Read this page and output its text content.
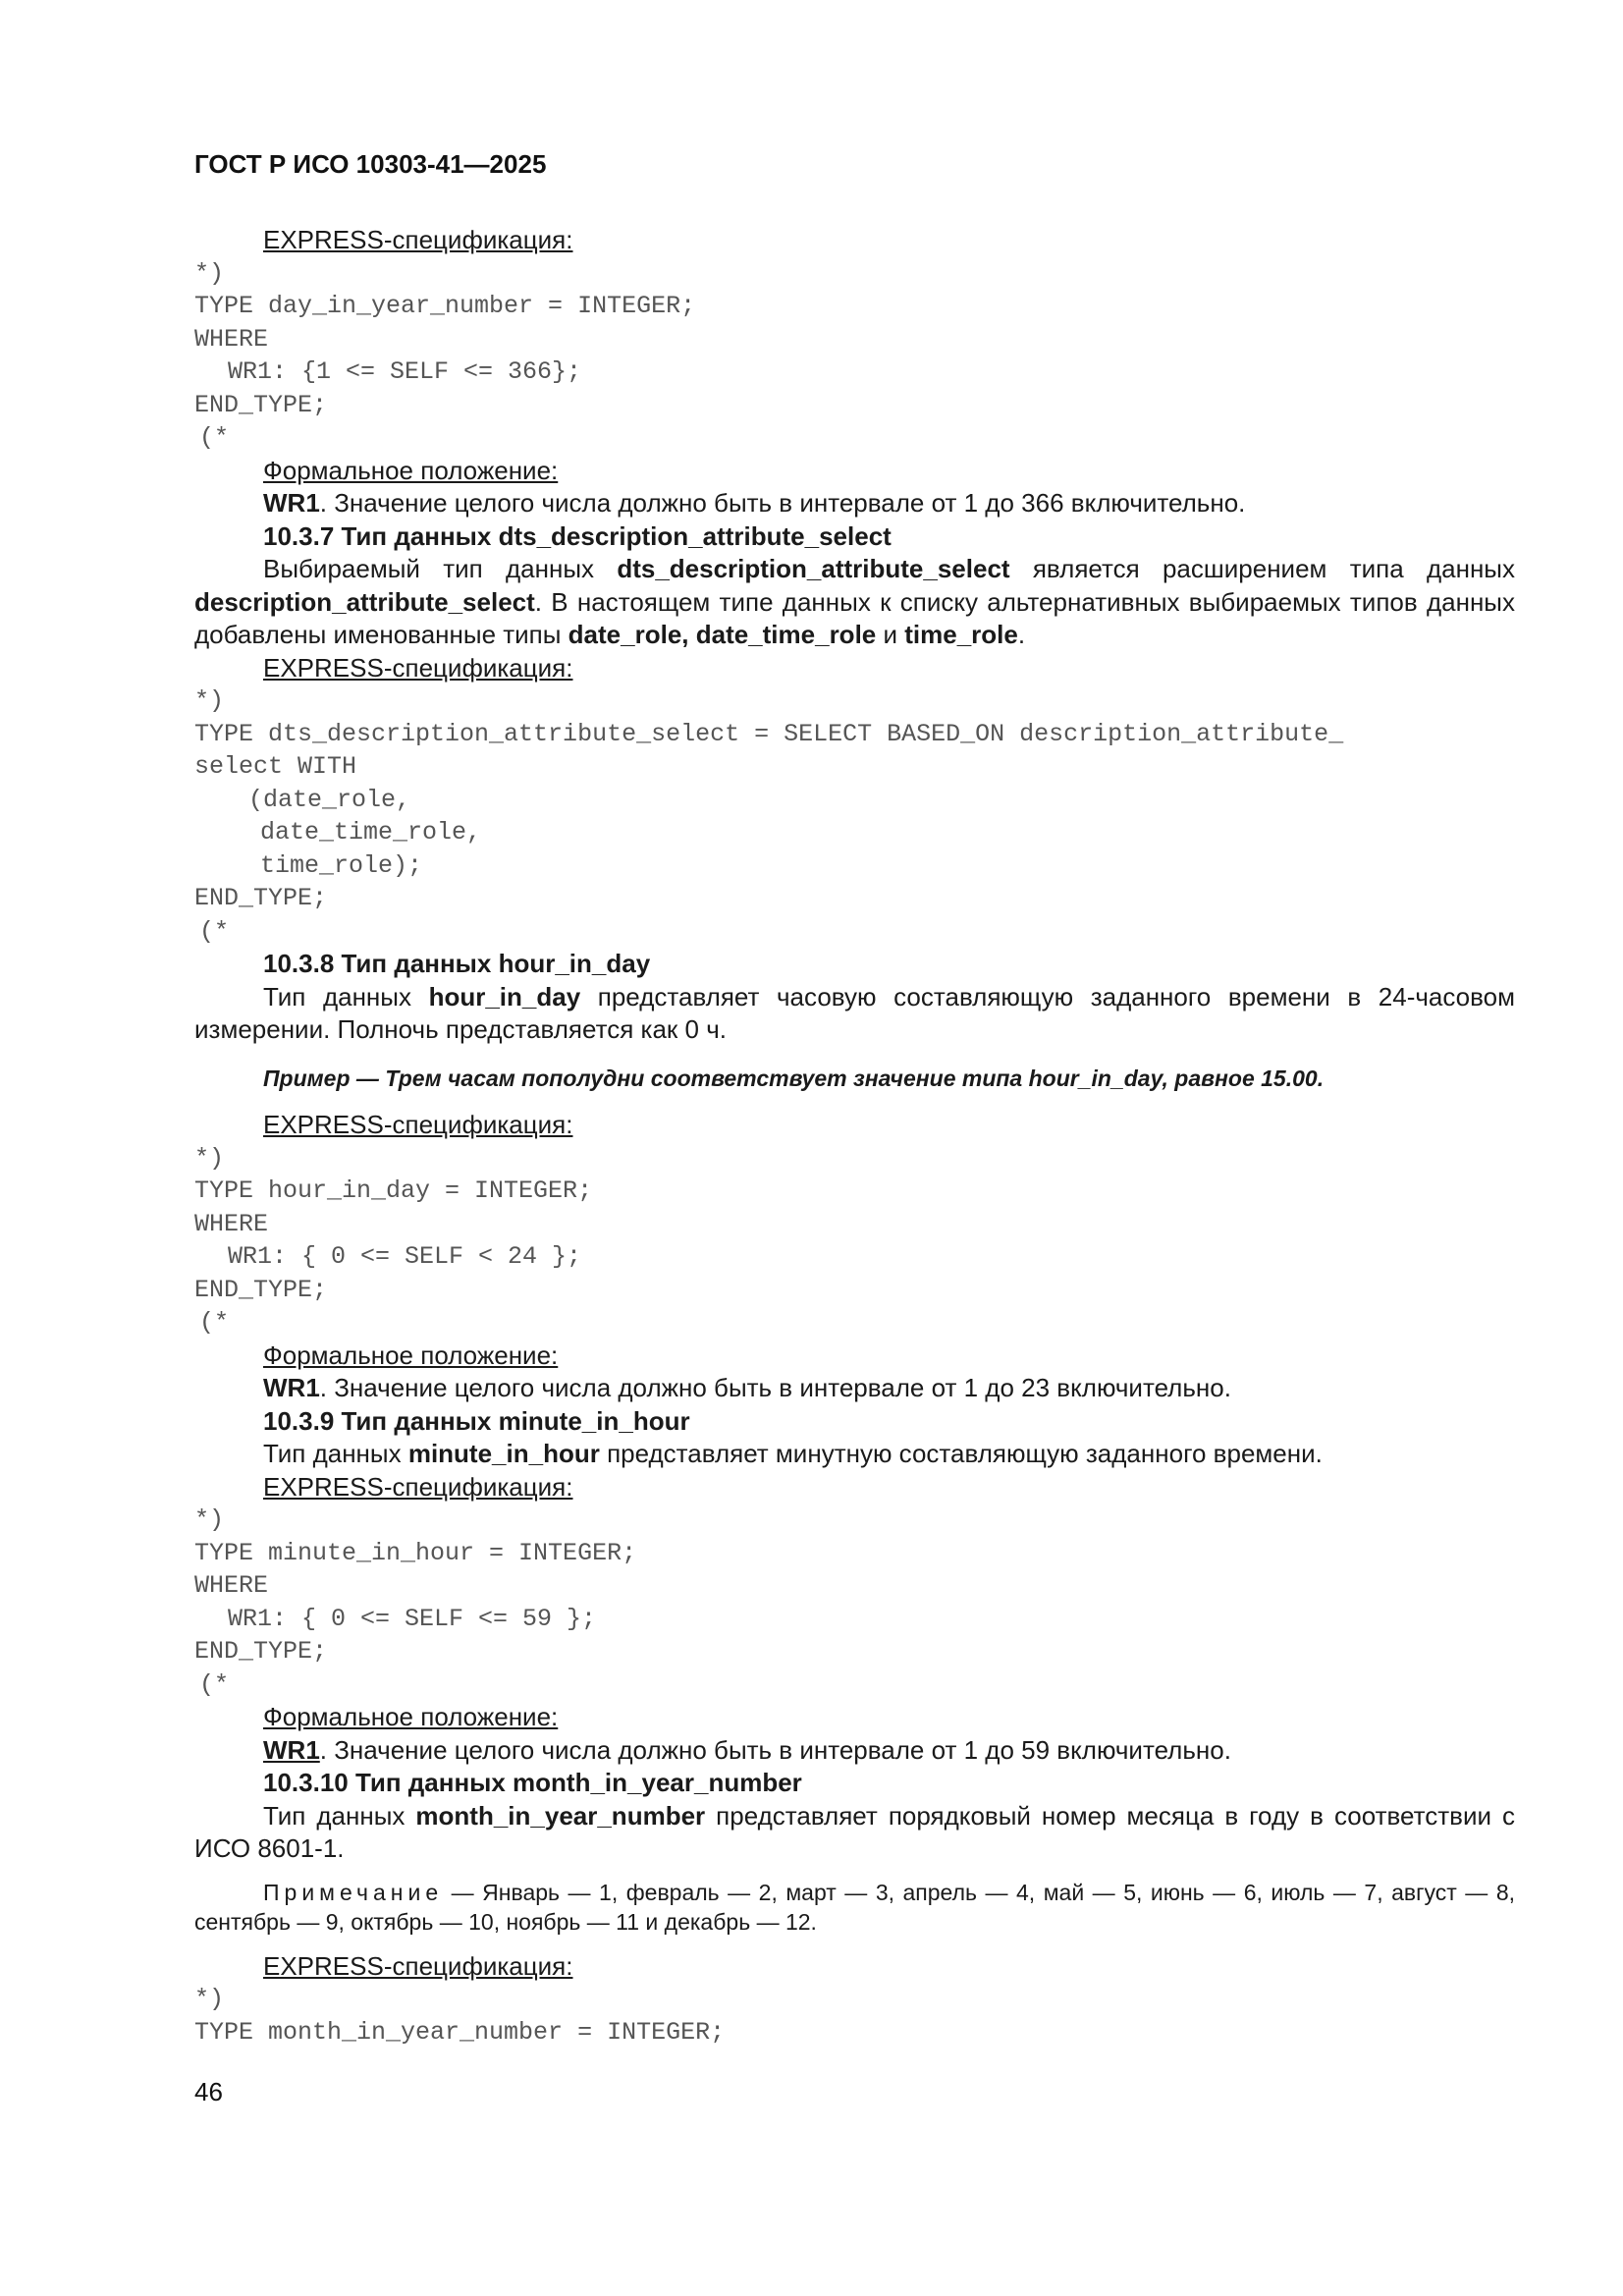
ГОСТ Р ИСО 10303-41—2025

EXPRESS-спецификация:

*)

TYPE day_in_year_number = INTEGER;

WHERE

WR1: {1 <= SELF <= 366};

END_TYPE;

(*

Формальное положение:

WR1. Значение целого числа должно быть в интервале от 1 до 366 включительно.

10.3.7 Тип данных dts_description_attribute_select

Выбираемый тип данных dts_description_attribute_select является расширением типа данных description_attribute_select. В настоящем типе данных к списку альтернативных выбираемых типов данных добавлены именованные типы date_role, date_time_role и time_role.

EXPRESS-спецификация:

*)

TYPE dts_description_attribute_select = SELECT BASED_ON description_attribute_

select WITH

(date_role,

date_time_role,

time_role);

END_TYPE;

(*

10.3.8 Тип данных hour_in_day

Тип данных hour_in_day представляет часовую составляющую заданного времени в 24-часовом измерении. Полночь представляется как 0 ч.

Пример — Трем часам пополудни соответствует значение типа hour_in_day, равное 15.00.

EXPRESS-спецификация:

*)

TYPE hour_in_day = INTEGER;

WHERE

WR1: { 0 <= SELF < 24 };

END_TYPE;

(*

Формальное положение:

WR1. Значение целого числа должно быть в интервале от 1 до 23 включительно.

10.3.9 Тип данных minute_in_hour

Тип данных minute_in_hour представляет минутную составляющую заданного времени.

EXPRESS-спецификация:

*)

TYPE minute_in_hour = INTEGER;

WHERE

WR1: { 0 <= SELF <= 59 };

END_TYPE;

(*

Формальное положение:

WR1. Значение целого числа должно быть в интервале от 1 до 59 включительно.

10.3.10 Тип данных month_in_year_number

Тип данных month_in_year_number представляет порядковый номер месяца в году в соответствии с ИСО 8601-1.

Примечание — Январь — 1, февраль — 2, март — 3, апрель — 4, май — 5, июнь — 6, июль — 7, август — 8, сентябрь — 9, октябрь — 10, ноябрь — 11 и декабрь — 12.

EXPRESS-спецификация:

*)

TYPE month_in_year_number = INTEGER;

46
